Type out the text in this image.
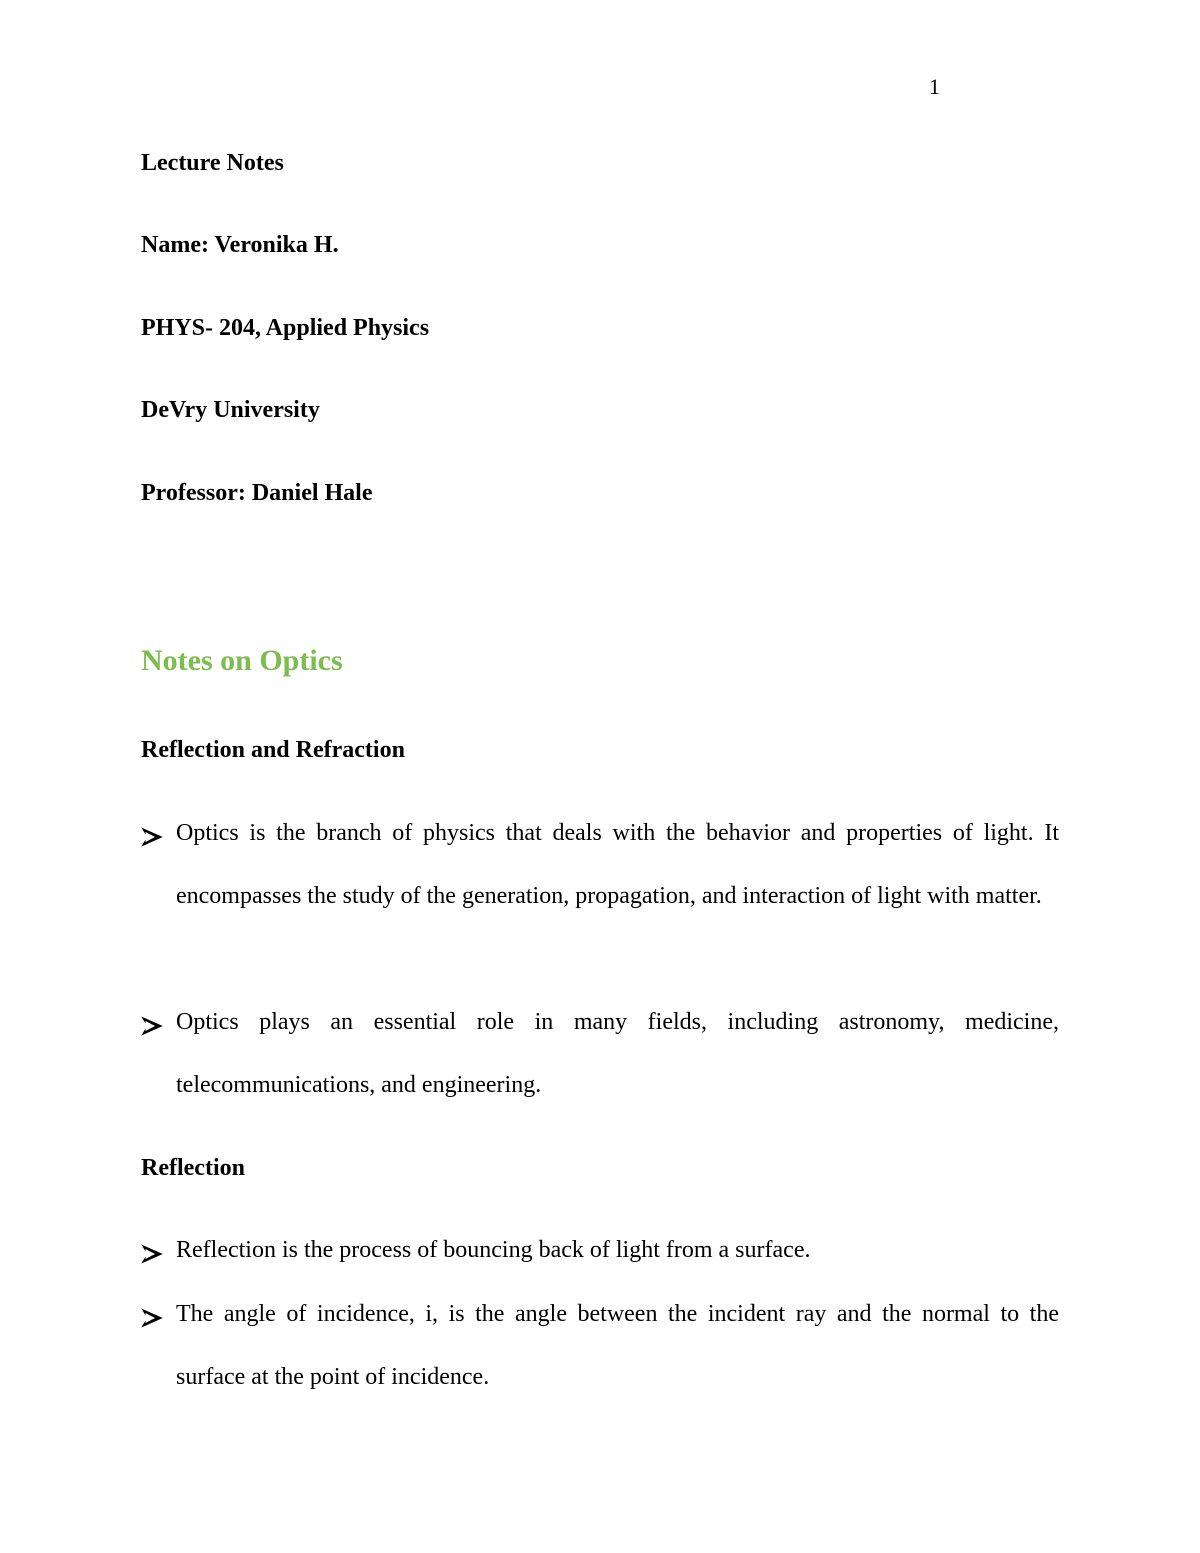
1
Lecture Notes
Name: Veronika H.
PHYS- 204, Applied Physics
DeVry University
Professor: Daniel Hale
Notes on Optics
Reflection and Refraction
Optics is the branch of physics that deals with the behavior and properties of light. It encompasses the study of the generation, propagation, and interaction of light with matter.
Optics plays an essential role in many fields, including astronomy, medicine, telecommunications, and engineering.
Reflection
Reflection is the process of bouncing back of light from a surface.
The angle of incidence, i, is the angle between the incident ray and the normal to the surface at the point of incidence.
